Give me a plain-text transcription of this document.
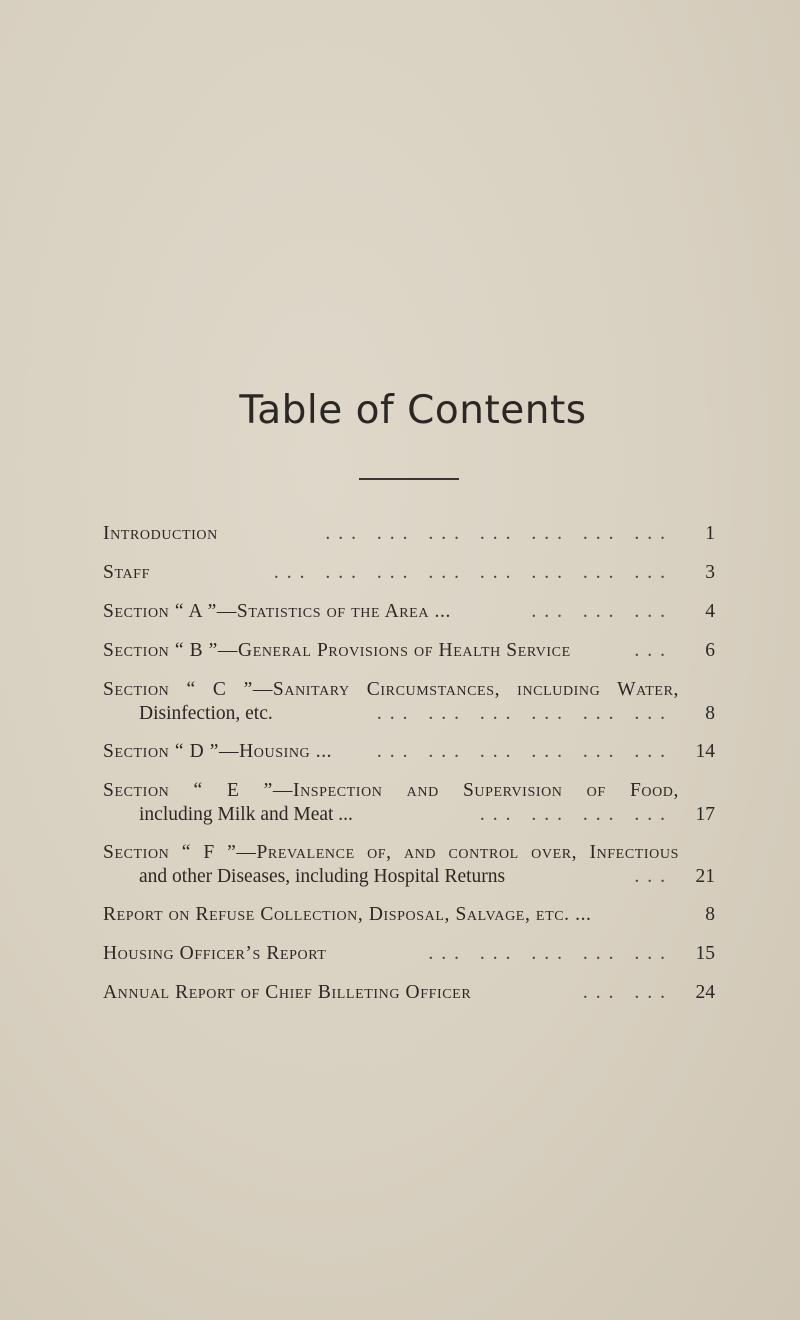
Table of Contents
Introduction	... ... ... ... ... ... ...	1
Staff	... ... ... ... ... ... ... ...	3
Section “ A ”—Statistics of the Area ...	... ... ...	4
Section “ B ”—General Provisions of Health Service	...	6
Section “ C ”—Sanitary Circumstances, including Water,
Disinfection, etc.	... ... ... ... ... ...	8
Section “ D ”—Housing ...	... ... ... ... ... ...	14
Section “ E ”—Inspection and Supervision of Food,
including Milk and Meat ...	... ... ... ...	17
Section “ F ”—Prevalence of, and control over, Infectious
and other Diseases, including Hospital Returns	...	21
Report on Refuse Collection, Disposal, Salvage, etc. ...	8
Housing Officer’s Report	... ... ... ... ...	15
Annual Report of Chief Billeting Officer	... ...	24
